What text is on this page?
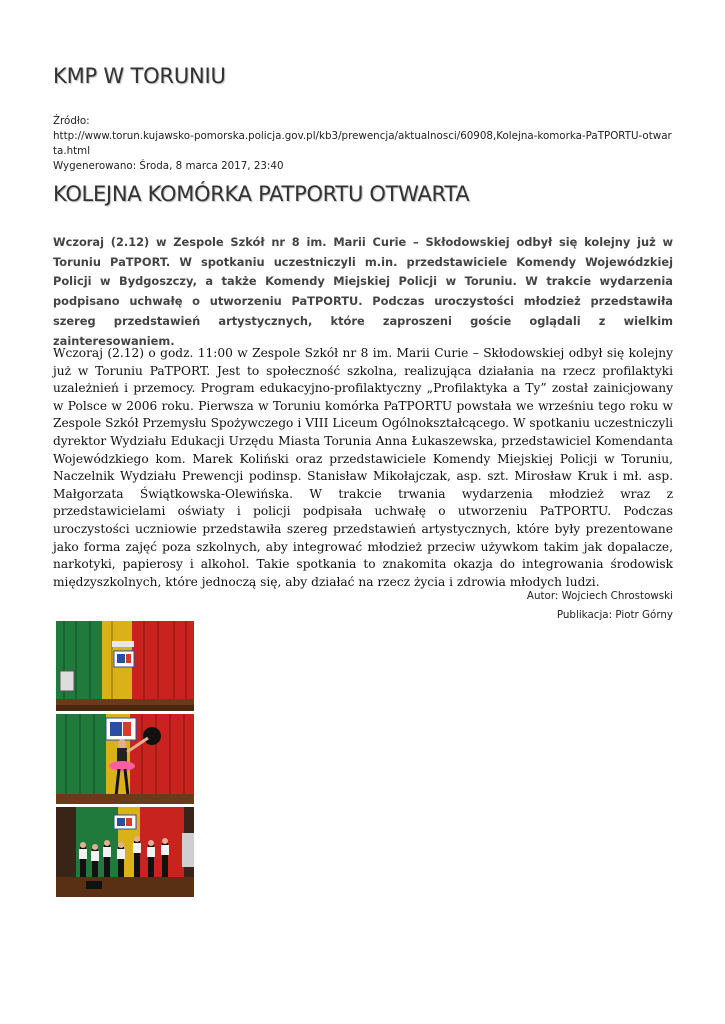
KMP W TORUNIU
Źródło:
http://www.torun.kujawsko-pomorska.policja.gov.pl/kb3/prewencja/aktualnosci/60908,Kolejna-komorka-PaTPORTU-otwarta.html
Wygenerowano: Środa, 8 marca 2017, 23:40
KOLEJNA KOMÓRKA PATPORTU OTWARTA

Wczoraj (2.12) w Zespole Szkół nr 8 im. Marii Curie – Skłodowskiej odbył się kolejny już w Toruniu PaTPORT. W spotkaniu uczestniczyli m.in. przedstawiciele Komendy Wojewódzkiej Policji w Bydgoszczy, a także Komendy Miejskiej Policji w Toruniu. W trakcie wydarzenia podpisano uchwałę o utworzeniu PaTPORTU. Podczas uroczystości młodzież przedstawiła szereg przedstawień artystycznych, które zaproszeni goście oglądali z wielkim zainteresowaniem.

Wczoraj (2.12) o godz. 11:00 w Zespole Szkół nr 8 im. Marii Curie – Skłodowskiej odbył się kolejny już w Toruniu PaTPORT. Jest to społeczność szkolna, realizująca działania na rzecz profilaktyki uzależnień i przemocy. Program edukacyjno-profilaktyczny „Profilaktyka a Ty” został zainicjowany w Polsce w 2006 roku. Pierwsza w Toruniu komórka PaTPORTU powstała we wrześniu tego roku w Zespole Szkół Przemysłu Spożywczego i VIII Liceum Ogólnokształcącego. W spotkaniu uczestniczyli dyrektor Wydziału Edukacji Urzędu Miasta Torunia Anna Łukaszewska, przedstawiciel Komendanta Wojewódzkiego kom. Marek Koliński oraz przedstawiciele Komendy Miejskiej Policji w Toruniu, Naczelnik Wydziału Prewencji podinsp. Stanisław Mikołajczak, asp. szt. Mirosław Kruk i mł. asp. Małgorzata Świątkowska-Olewińska. W trakcie trwania wydarzenia młodzież wraz z przedstawicielami oświaty i policji podpisała uchwałę o utworzeniu PaTPORTU. Podczas uroczystości uczniowie przedstawiła szereg przedstawień artystycznych, które były prezentowane jako forma zajęć poza szkolnych, aby integrować młodzież przeciw używkom takim jak dopalacze, narkotyki, papierosy i alkohol. Takie spotkania to znakomita okazja do integrowania środowisk międzyszkolnych, które jednoczą się, aby działać na rzecz życia i zdrowia młodych ludzi.

Autor: Wojciech Chrostowski
Publikacja: Piotr Górny
